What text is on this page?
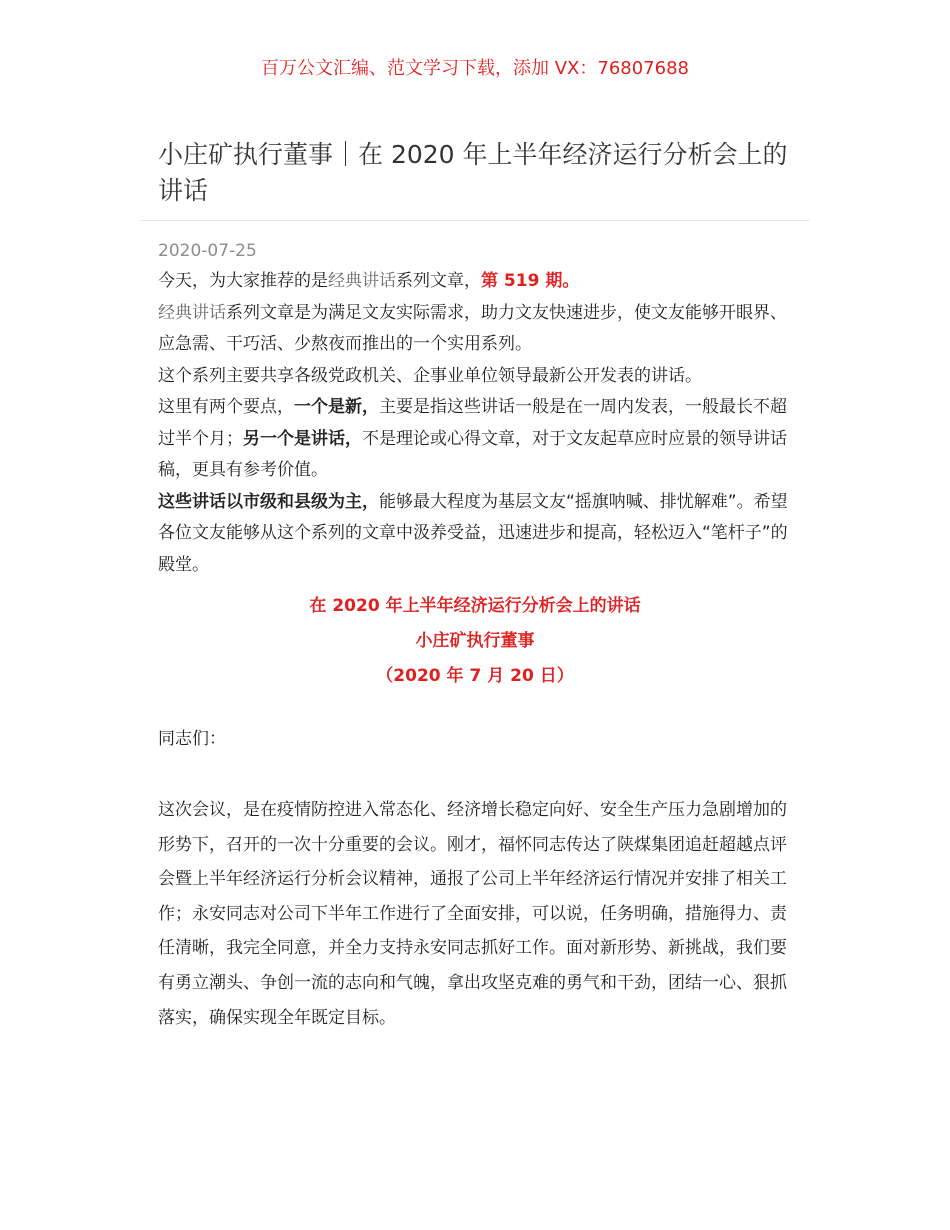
百万公文汇编、范文学习下载，添加 VX：76807688
小庄矿执行董事｜在 2020 年上半年经济运行分析会上的讲话
2020-07-25

今天，为大家推荐的是经典讲话系列文章，第 519 期。

经典讲话系列文章是为满足文友实际需求，助力文友快速进步，使文友能够开眼界、应急需、干巧活、少熬夜而推出的一个实用系列。

这个系列主要共享各级党政机关、企事业单位领导最新公开发表的讲话。

这里有两个要点，一个是新，主要是指这些讲话一般是在一周内发表，一般最长不超过半个月；另一个是讲话，不是理论或心得文章，对于文友起草应时应景的领导讲话稿，更具有参考价值。

这些讲话以市级和县级为主，能够最大程度为基层文友“摇旗呐喊、排忧解难”。希望各位文友能够从这个系列的文章中汲养受益，迅速进步和提高，轻松迈入“笔杆子”的殿堂。

在 2020 年上半年经济运行分析会上的讲话
小庄矿执行董事
（2020 年 7 月 20 日）
同志们：

这次会议，是在疫情防控进入常态化、经济增长稳定向好、安全生产压力急剧增加的形势下，召开的一次十分重要的会议。刚才，福怀同志传达了陕煤集团追赶超越点评会暨上半年经济运行分析会议精神，通报了公司上半年经济运行情况并安排了相关工作；永安同志对公司下半年工作进行了全面安排，可以说，任务明确，措施得力、责任清晰，我完全同意，并全力支持永安同志抓好工作。面对新形势、新挑战，我们要有勇立潮头、争创一流的志向和气魄，拿出攻坚克难的勇气和干劲，团结一心、狠抓落实，确保实现全年既定目标。
